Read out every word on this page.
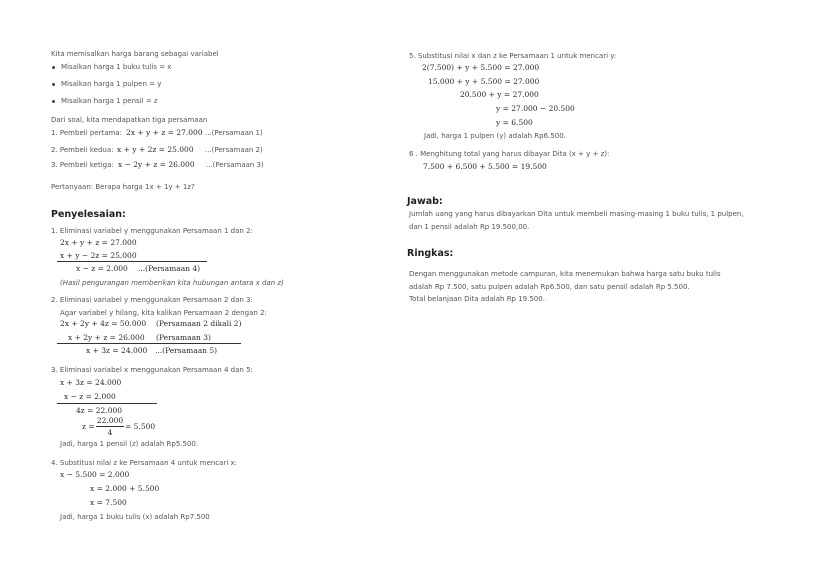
Kita memisalkan harga barang sebagai variabel
Misalkan harga 1 buku tulis = x
Misalkan harga 1 pulpen = y
Misalkan harga 1 pensil = z
Dari soal, kita mendapatkan tiga persamaan
1. Pembeli pertama: 2x + y + z = 27.000 ...(Persamaan 1)
2. Pembeli kedua: x + y + 2z = 25.000 ...(Persamaan 2)
3. Pembeli ketiga: x − 2y + z = 26.000 ...(Persamaan 3)
Pertanyaan: Berapa harga 1x + 1y + 1z?
Penyelesaian:
1. Eliminasi variabel y menggunakan Persamaan 1 dan 2:
2x + y + z = 27.000
x + y − 2z = 25.000
x − z = 2.000 ...(Persamaan 4)
(Hasil pengurangan memberikan kita hubungan antara x dan z)
2. Eliminasi variabel y menggunakan Persamaan 2 dan 3:
Agar variabel y hilang, kita kalikan Persamaan 2 dengan 2:
2x + 2y + 4z = 50.000 (Persamaan 2 dikali 2)
x + 2y + z = 26.000 (Persamaan 3)
x + 3z = 24.000 ...(Persamaan 5)
3. Eliminasi variabel x menggunakan Persamaan 4 dan 5:
x + 3z = 24.000
x − z = 2.000
4z = 22.000
z =
22.000
4
= 5.500
Jadi, harga 1 pensil (z) adalah Rp5.500.
4. Substitusi nilai z ke Persamaan 4 untuk mencari x:
x − 5.500 = 2.000
x = 2.000 + 5.500
x = 7.500
Jadi, harga 1 buku tulis (x) adalah Rp7.500
5. Substitusi nilai x dan z ke Persamaan 1 untuk mencari y:
2(7.500) + y + 5.500 = 27.000
15.000 + y + 5.500 = 27.000
20.500 + y = 27.000
y = 27.000 − 20.500
y = 6.500
Jadi, harga 1 pulpen (y) adalah Rp6.500.
6 . Menghitung total yang harus dibayar Dita (x + y + z):
7.500 + 6.500 + 5.500 = 19.500
Jawab:
Jumlah uang yang harus dibayarkan Dita untuk membeli masing-masing 1 buku tulis, 1 pulpen,
dan 1 pensil adalah Rp 19.500,00.
Ringkas:
Dengan menggunakan metode campuran, kita menemukan bahwa harga satu buku tulis
adalah Rp 7.500, satu pulpen adalah Rp6.500, dan satu pensil adalah Rp 5.500.
Total belanjaan Dita adalah Rp 19.500.
